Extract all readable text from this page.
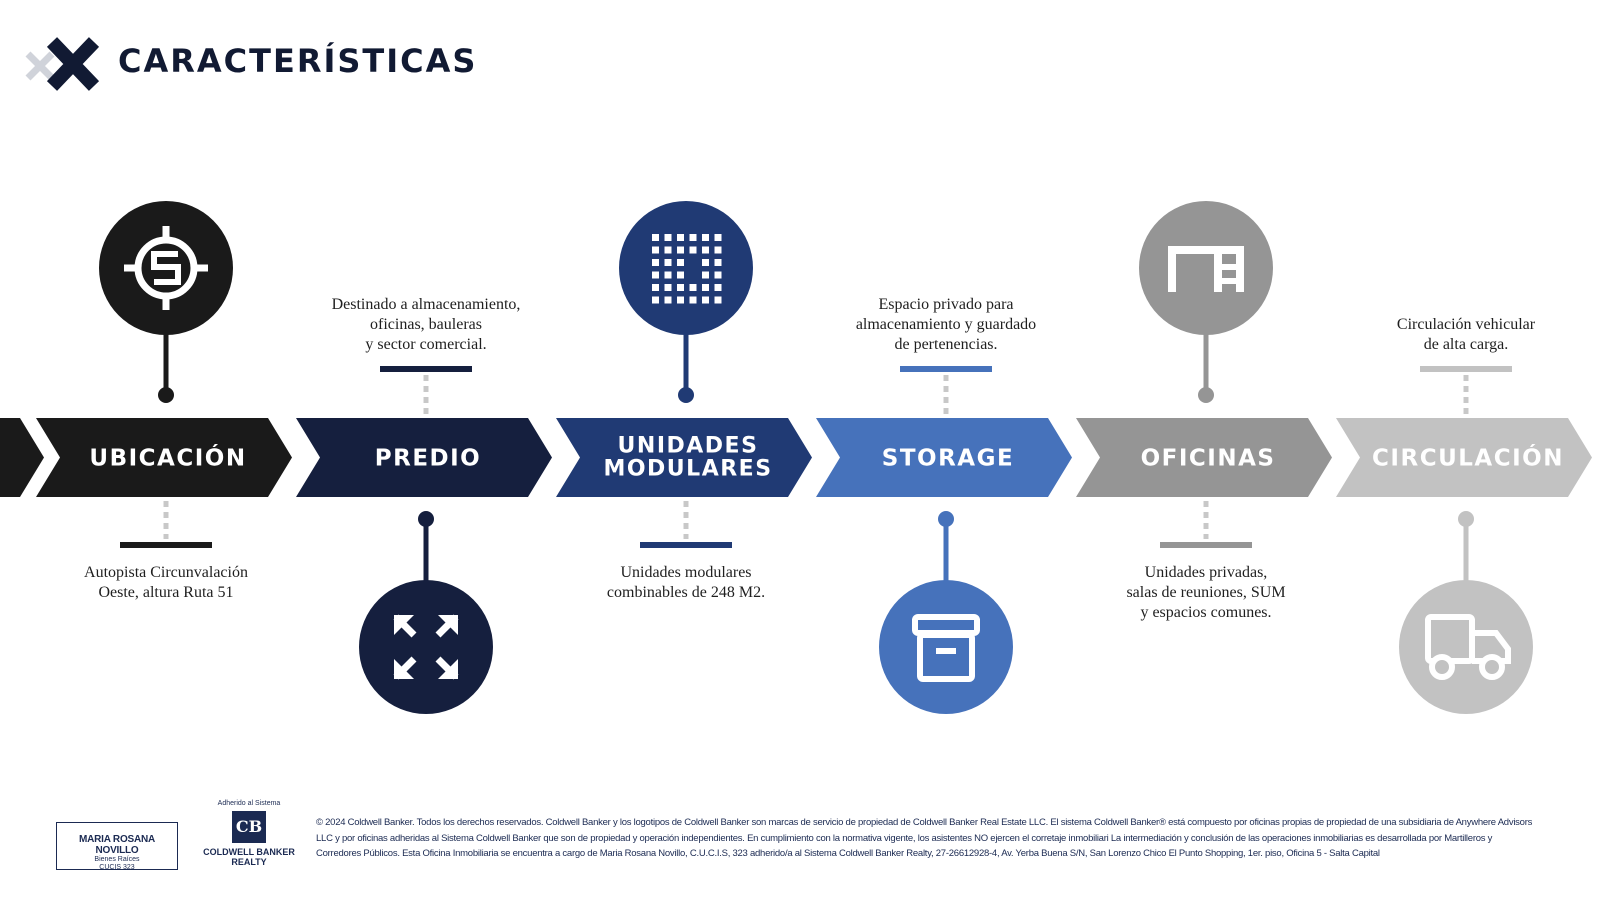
CARACTERÍSTICAS
UBICACIÓN	PREDIO	UNIDADES
MODULARES	STORAGE	OFICINAS	CIRCULACIÓN
Autopista Circunvalación
Oeste, altura Ruta 51
Destinado a almacenamiento,
oficinas, bauleras
y sector comercial.
Unidades modulares
combinables de 248 M2.
Espacio privado para
almacenamiento y guardado
de pertenencias.
Unidades privadas,
salas de reuniones, SUM
y espacios comunes.
Circulación vehicular
de alta carga.
MARIA ROSANA NOVILLO
Bienes Raíces
CUCIS 323
Adherido al Sistema
CB
COLDWELL BANKER
REALTY
© 2024 Coldwell Banker. Todos los derechos reservados. Coldwell Banker y los logotipos de Coldwell Banker son marcas de servicio de propiedad de Coldwell Banker Real Estate LLC. El sistema Coldwell Banker® está compuesto por oficinas propias de propiedad de una subsidiaria de Anywhere Advisors LLC y por oficinas adheridas al Sistema Coldwell Banker que son de propiedad y operación independientes. En cumplimiento con la normativa vigente, los asistentes NO ejercen el corretaje inmobiliari La intermediación y conclusión de las operaciones inmobiliarias es desarrollada por Martilleros y Corredores Públicos. Esta Oficina Inmobiliaria se encuentra a cargo de Maria Rosana Novillo, C.U.C.I.S, 323 adherido/a al Sistema Coldwell Banker Realty, 27-26612928-4, Av. Yerba Buena S/N, San Lorenzo Chico El Punto Shopping, 1er. piso, Oficina 5 - Salta Capital
